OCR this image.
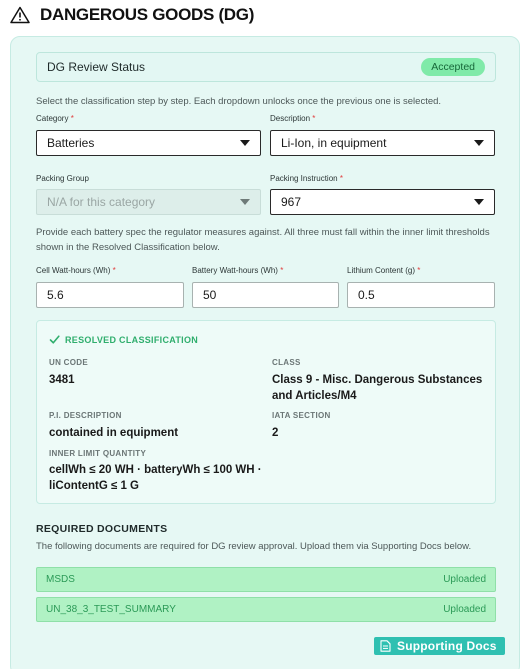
DANGEROUS GOODS (DG)
DG Review Status	Accepted
Select the classification step by step. Each dropdown unlocks once the previous one is selected.
Category *
Batteries
Description *
Li-Ion, in equipment
Packing Group
N/A for this category
Packing Instruction *
967
Provide each battery spec the regulator measures against. All three must fall within the inner limit thresholds shown in the Resolved Classification below.
Cell Watt-hours (Wh) *
5.6
Battery Watt-hours (Wh) *
50
Lithium Content (g) *
0.5
RESOLVED CLASSIFICATION
UN CODE
3481
CLASS
Class 9 - Misc. Dangerous Substances and Articles/M4
P.I. DESCRIPTION
contained in equipment
IATA SECTION
2
INNER LIMIT QUANTITY
cellWh ≤ 20 WH · batteryWh ≤ 100 WH · liContentG ≤ 1 G
REQUIRED DOCUMENTS
The following documents are required for DG review approval. Upload them via Supporting Docs below.
MSDS	Uploaded
UN_38_3_TEST_SUMMARY	Uploaded
Supporting Docs
